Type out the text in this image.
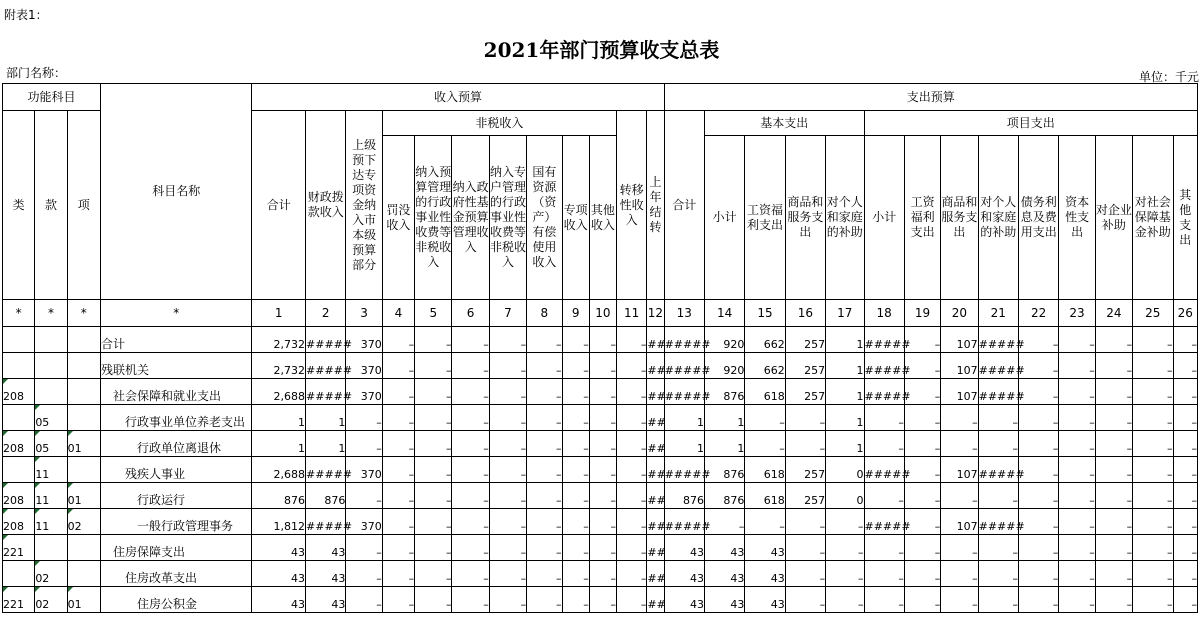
附表1：
2021年部门预算收支总表
部门名称：	单位：千元
功能科目			科目名称	收入预算												支出预算													
类	款	项		合计	财政拨款收入	上级预下达专项资金纳入市本级预算部分	非税收入							转移性收入	上年结转	合计	基本支出				项目支出								
							罚没收入	纳入预算管理的行政事业性收费等非税收入	纳入政府性基金预算管理收入	纳入专户管理的行政事业性收费等非税收入	国有资源（资产）有偿使用收入	专项收入	其他收入				小计	工资福利支出	商品和服务支出	对个人和家庭的补助	小计	工资福利支出	商品和服务支出	对个人和家庭的补助	债务利息及费用支出	资本性支出	对企业补助	对社会保障基金补助	其他支出
*	*	*	*	1	2	3	4	5	6	7	8	9	10	11	12	13	14	15	16	17	18	19	20	21	22	23	24	25	26
			合计	2,732	#####	370	–	–	–	–	–	–	–	–	##	#####	920	662	257	1	#####	–	107	#####	–	–	–	–	–
			残联机关	2,732	#####	370	–	–	–	–	–	–	–	–	##	#####	920	662	257	1	#####	–	107	#####	–	–	–	–	–
208			社会保障和就业支出	2,688	#####	370	–	–	–	–	–	–	–	–	##	#####	876	618	257	1	#####	–	107	#####	–	–	–	–	–
	05		行政事业单位养老支出	1	1	–	–	–	–	–	–	–	–	–	##	1	1	–	–	1	–	–	–	–	–	–	–	–	–
208	05	01	行政单位离退休	1	1	–	–	–	–	–	–	–	–	–	##	1	1	–	–	1	–	–	–	–	–	–	–	–	–
	11		残疾人事业	2,688	#####	370	–	–	–	–	–	–	–	–	##	#####	876	618	257	0	#####	–	107	#####	–	–	–	–	–
208	11	01	行政运行	876	876	–	–	–	–	–	–	–	–	–	##	876	876	618	257	0	–	–	–	–	–	–	–	–	–
208	11	02	一般行政管理事务	1,812	#####	370	–	–	–	–	–	–	–	–	##	#####	–	–	–	–	#####	–	107	#####	–	–	–	–	–
221			住房保障支出	43	43	–	–	–	–	–	–	–	–	–	##	43	43	43	–	–	–	–	–	–	–	–	–	–	–
	02		住房改革支出	43	43	–	–	–	–	–	–	–	–	–	##	43	43	43	–	–	–	–	–	–	–	–	–	–	–
221	02	01	住房公积金	43	43	–	–	–	–	–	–	–	–	–	##	43	43	43	–	–	–	–	–	–	–	–	–	–	–
